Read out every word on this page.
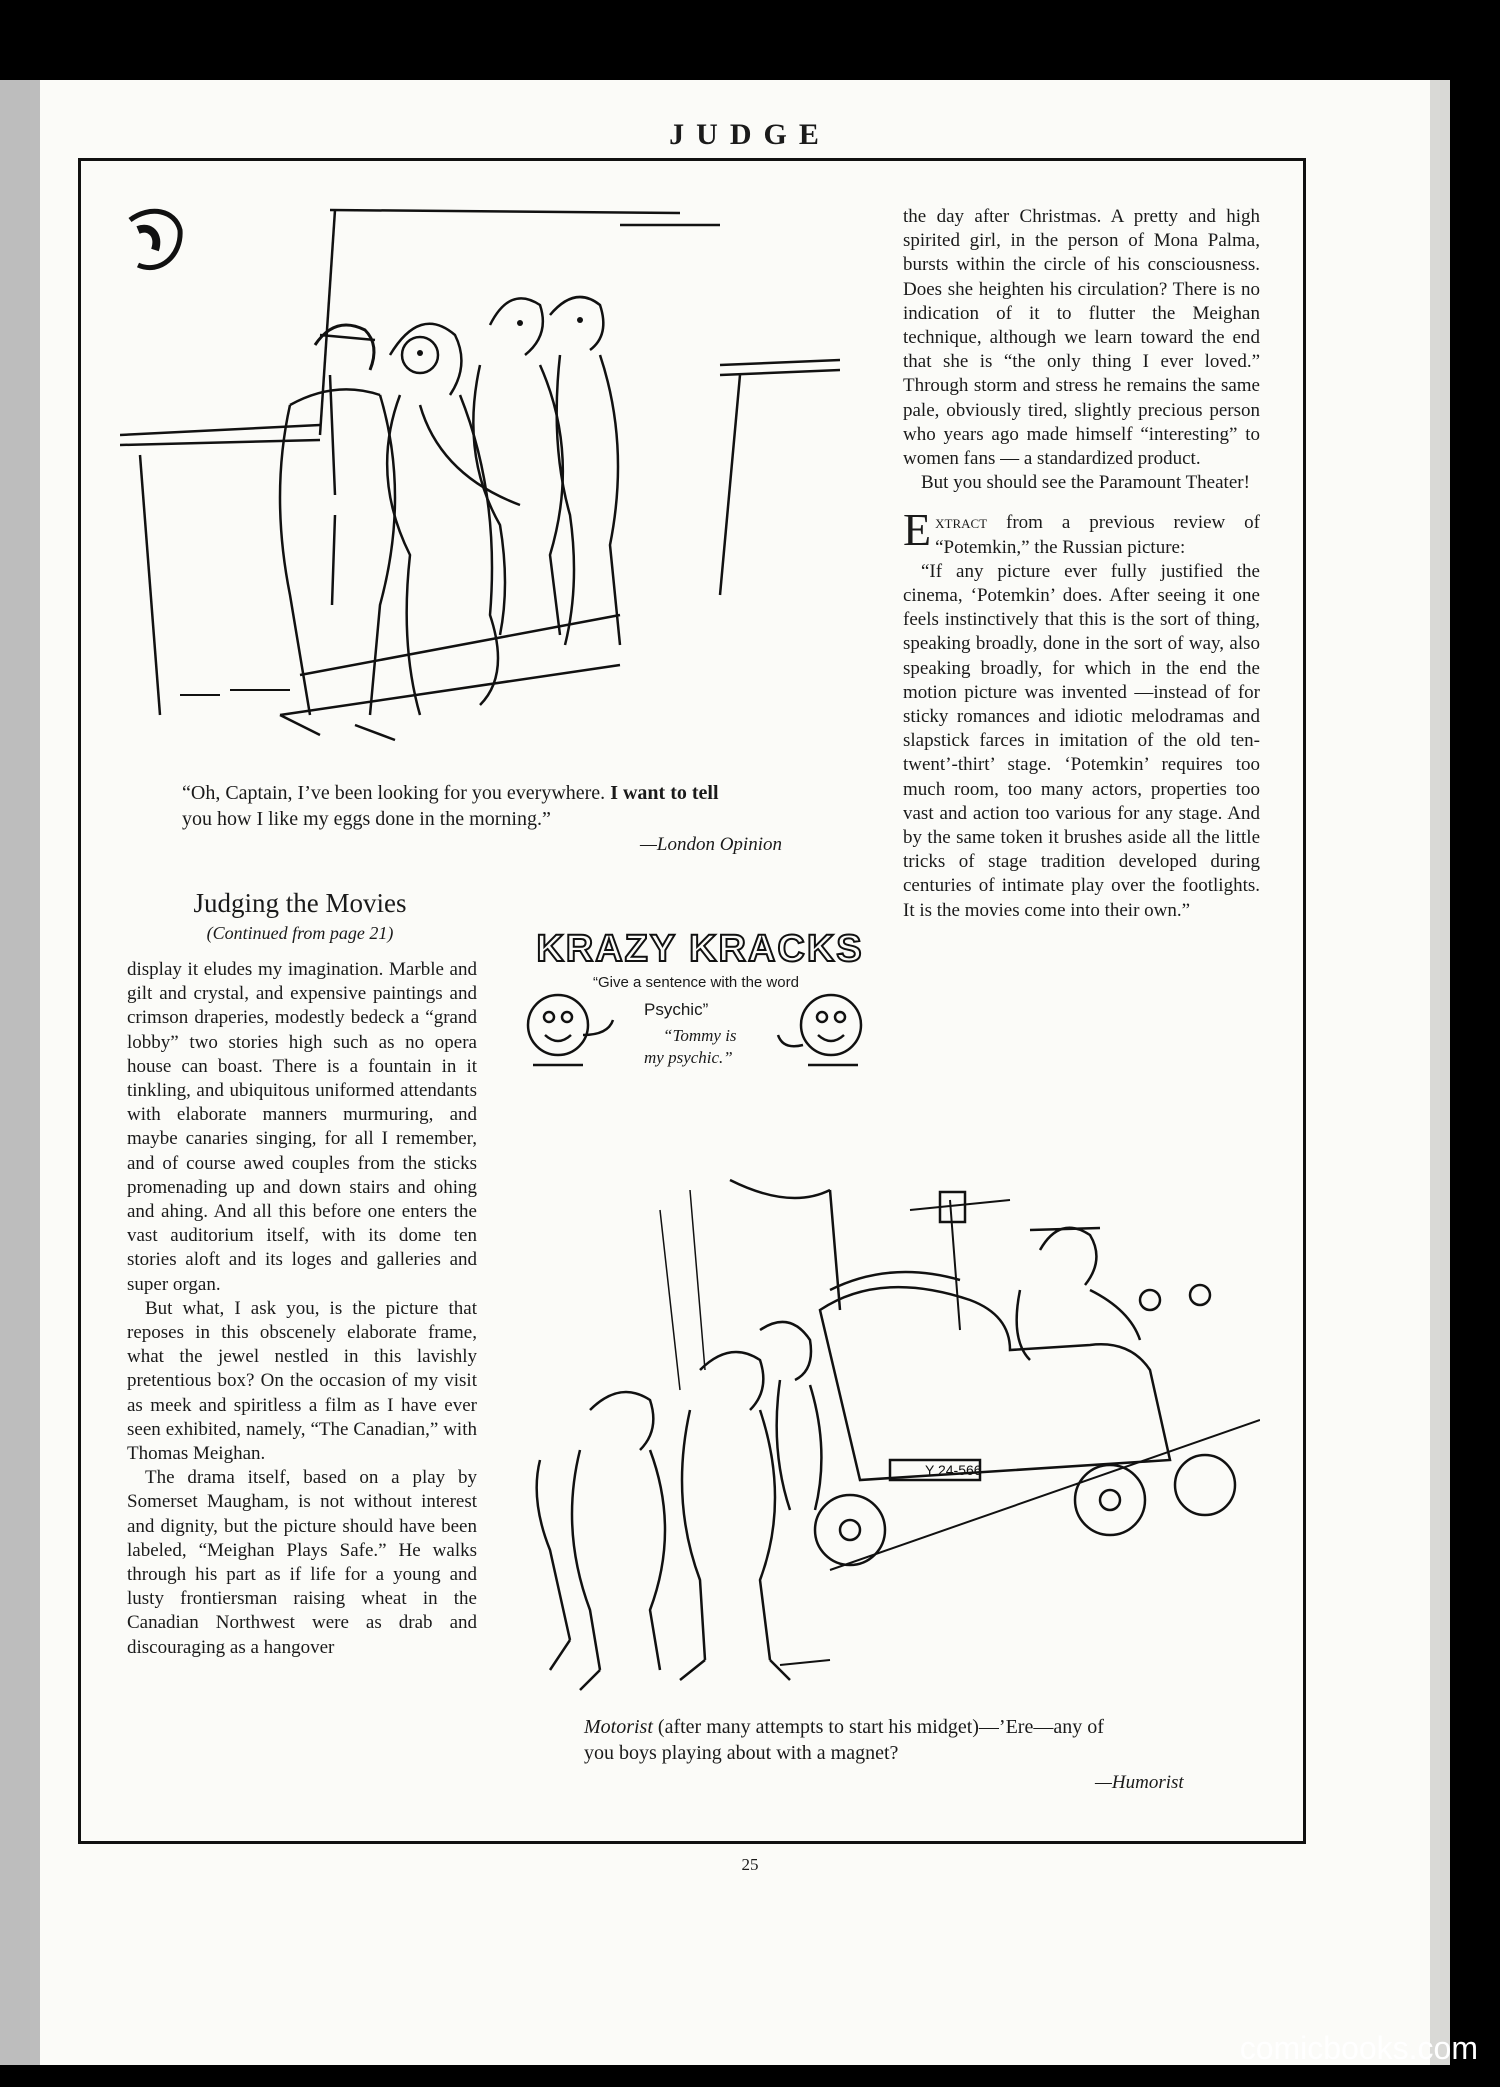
JUDGE
“Oh, Captain, I’ve been looking for you everywhere. I want to tell
you how I like my eggs done in the morning.”
—London Opinion
Judging the Movies
(Continued from page 21)

display it eludes my imagination. Marble and gilt and crystal, and expensive paintings and crimson draperies, modestly bedeck a “grand lobby” two stories high such as no opera house can boast. There is a fountain in it tinkling, and ubiquitous uniformed attendants with elaborate manners murmuring, and maybe canaries singing, for all I remember, and of course awed couples from the sticks promenading up and down stairs and ohing and ahing. And all this before one enters the vast auditorium itself, with its dome ten stories aloft and its loges and galleries and super organ.

But what, I ask you, is the picture that reposes in this obscenely elaborate frame, what the jewel nestled in this lavishly pretentious box? On the occasion of my visit as meek and spiritless a film as I have ever seen exhibited, namely, “The Canadian,” with Thomas Meighan.

The drama itself, based on a play by Somerset Maugham, is not without interest and dignity, but the picture should have been labeled, “Meighan Plays Safe.” He walks through his part as if life for a young and lusty frontiersman raising wheat in the Canadian Northwest were as drab and discouraging as a hangover

the day after Christmas. A pretty and high spirited girl, in the person of Mona Palma, bursts within the circle of his consciousness. Does she heighten his circulation? There is no indication of it to flutter the Meighan technique, although we learn toward the end that she is “the only thing I ever loved.” Through storm and stress he remains the same pale, obviously tired, slightly precious person who years ago made himself “interesting” to women fans — a standardized product.

But you should see the Paramount Theater!

Extract from a previous review of “Potemkin,” the Russian picture:

“If any picture ever fully justified the cinema, ‘Potemkin’ does. After seeing it one feels instinctively that this is the sort of thing, speaking broadly, done in the sort of way, also speaking broadly, for which in the end the motion picture was invented —instead of for sticky romances and idiotic melodramas and slapstick farces in imitation of the old ten-twent’-thirt’ stage. ‘Potemkin’ requires too much room, too many actors, properties too vast and action too various for any stage. And by the same token it brushes aside all the little tricks of stage tradition developed during centuries of intimate play over the footlights. It is the movies come into their own.”

KRAZY KRACKS
“Give a sentence with the word
Psychic”
“Tommy is
my psychic.”
Y 24-566
Motorist (after many attempts to start his midget)—’Ere—any of
you boys playing about with a magnet?
—Humorist
25
comicbooks.com
